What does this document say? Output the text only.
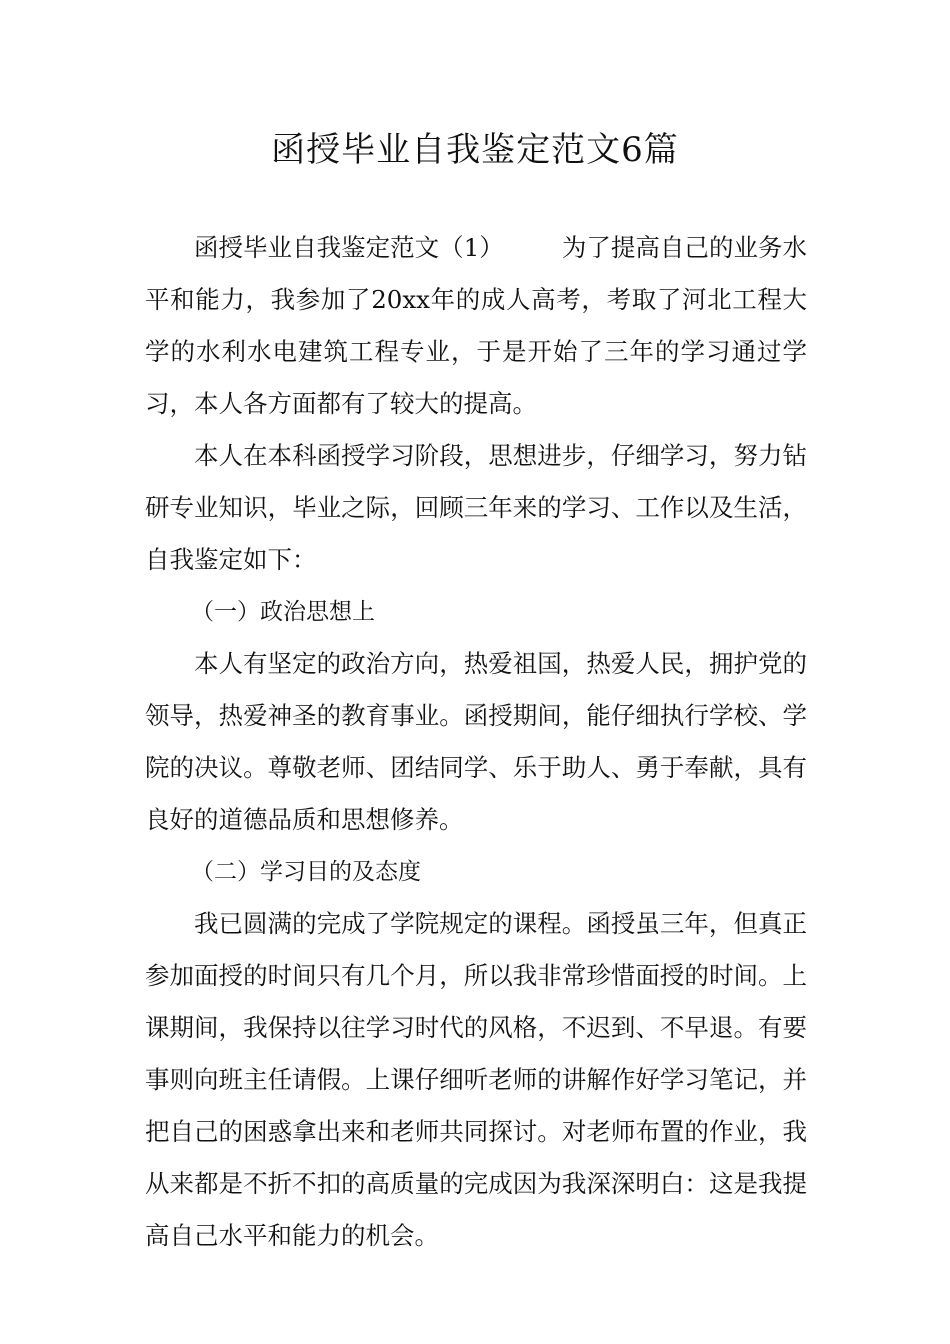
函授毕业自我鉴定范文6篇

函授毕业自我鉴定范文（1） 为了提高自己的业务水平和能力，我参加了20xx年的成人高考，考取了河北工程大学的水利水电建筑工程专业，于是开始了三年的学习通过学习，本人各方面都有了较大的提高。

本人在本科函授学习阶段，思想进步，仔细学习，努力钻研专业知识，毕业之际，回顾三年来的学习、工作以及生活，自我鉴定如下：

（一）政治思想上

本人有坚定的政治方向，热爱祖国，热爱人民，拥护党的领导，热爱神圣的教育事业。函授期间，能仔细执行学校、学院的决议。尊敬老师、团结同学、乐于助人、勇于奉献，具有良好的道德品质和思想修养。

（二）学习目的及态度

我已圆满的完成了学院规定的课程。函授虽三年，但真正参加面授的时间只有几个月，所以我非常珍惜面授的时间。上课期间，我保持以往学习时代的风格，不迟到、不早退。有要事则向班主任请假。上课仔细听老师的讲解作好学习笔记，并把自己的困惑拿出来和老师共同探讨。对老师布置的作业，我从来都是不折不扣的高质量的完成因为我深深明白：这是我提高自己水平和能力的机会。
